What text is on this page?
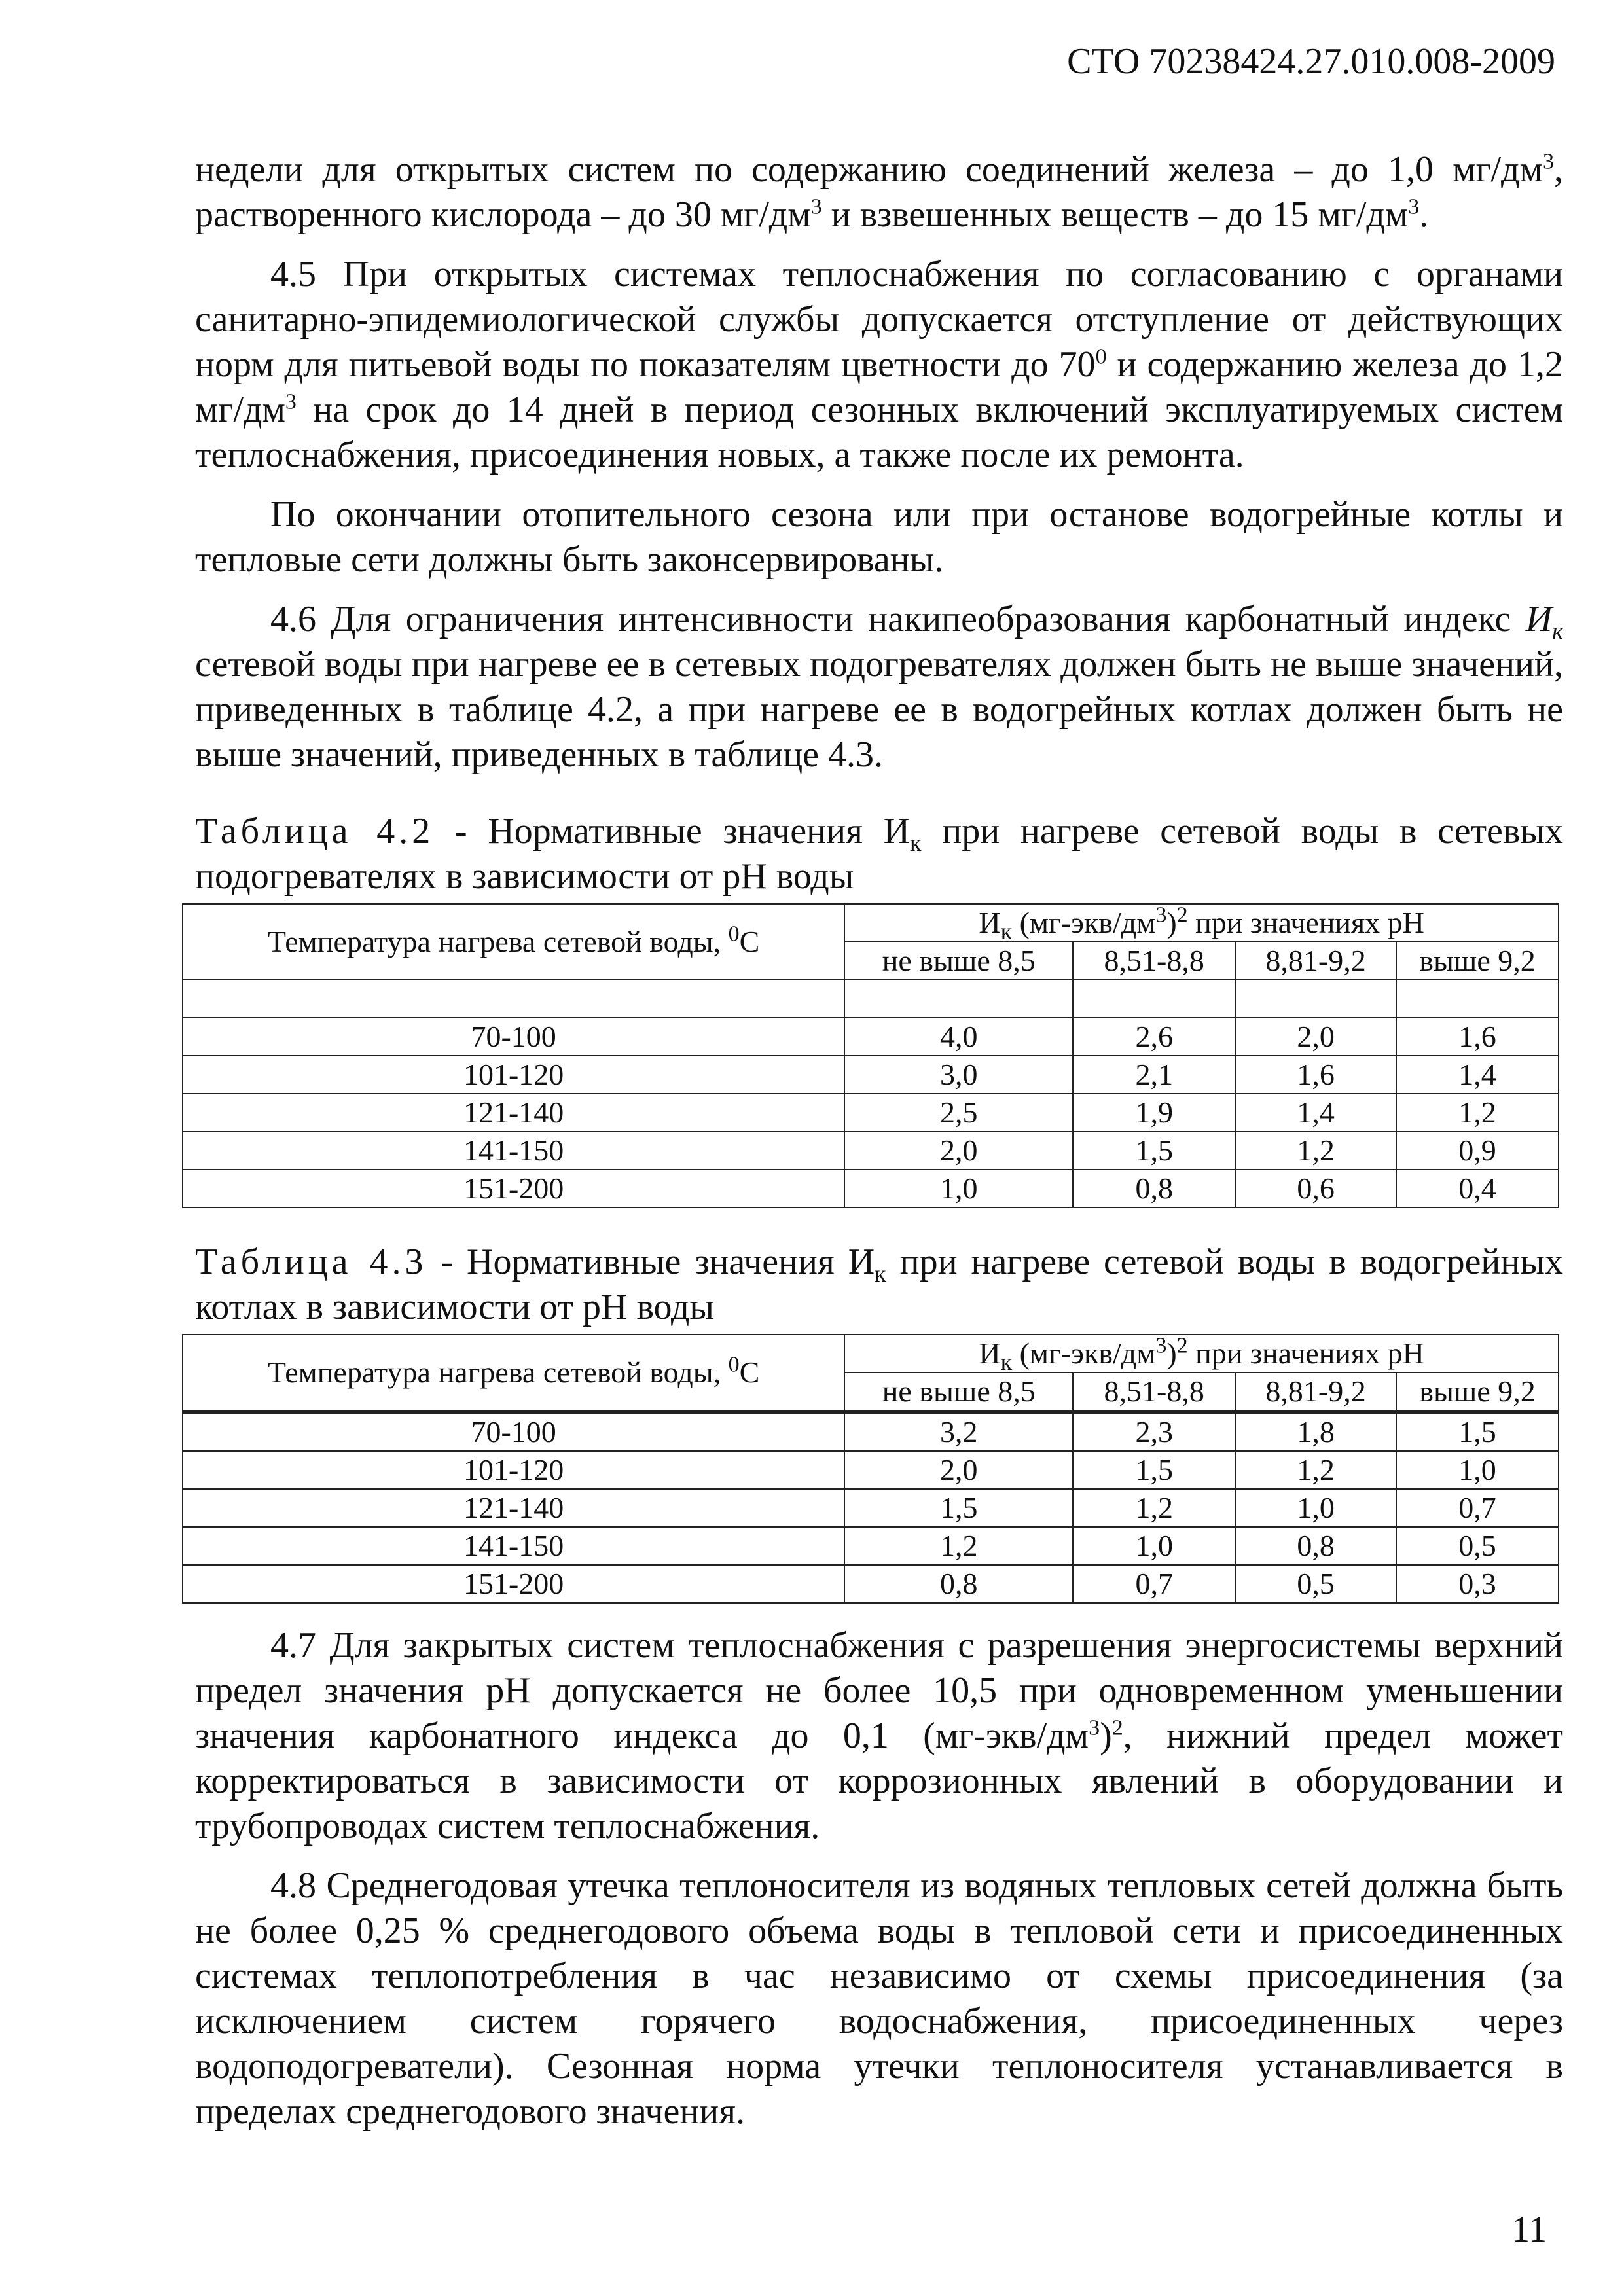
СТО 70238424.27.010.008-2009

недели для открытых систем по содержанию соединений железа – до 1,0 $мг/дм^3$, растворенного кислорода – до 30 $мг/дм^3$ и взвешенных веществ – до 15 $мг/дм^3$.

4.5 При открытых системах теплоснабжения по согласованию с органами санитарно-эпидемиологической службы допускается отступление от действующих норм для питьевой воды по показателям цветности до $70^0$ и содержанию железа до 1,2 $мг/дм^3$ на срок до 14 дней в период сезонных включений эксплуатируемых систем теплоснабжения, присоединения новых, а также после их ремонта.

По окончании отопительного сезона или при останове водогрейные котлы и тепловые сети должны быть законсервированы.

4.6 Для ограничения интенсивности накипеобразования карбонатный индекс $И_к$ сетевой воды при нагреве ее в сетевых подогревателях должен быть не выше значений, приведенных в таблице 4.2, а при нагреве ее в водогрейных котлах должен быть не выше значений, приведенных в таблице 4.3.

Таблица 4.2 - Нормативные значения $И_к$ при нагреве сетевой воды в сетевых подогревателях в зависимости от рН воды

Температура нагрева сетевой воды, $^0$С	$И_к$ $(мг-экв/дм^3)^2$ при значениях рН			
	не выше 8,5	8,51-8,8	8,81-9,2	выше 9,2

70-100	4,0	2,6	2,0	1,6
101-120	3,0	2,1	1,6	1,4
121-140	2,5	1,9	1,4	1,2
141-150	2,0	1,5	1,2	0,9
151-200	1,0	0,8	0,6	0,4

Таблица 4.3 - Нормативные значения $И_к$ при нагреве сетевой воды в водогрейных котлах в зависимости от рН воды

Температура нагрева сетевой воды, $^0$С	$И_к$ $(мг-экв/дм^3)^2$ при значениях рН			
	не выше 8,5	8,51-8,8	8,81-9,2	выше 9,2
70-100	3,2	2,3	1,8	1,5
101-120	2,0	1,5	1,2	1,0
121-140	1,5	1,2	1,0	0,7
141-150	1,2	1,0	0,8	0,5
151-200	0,8	0,7	0,5	0,3

4.7 Для закрытых систем теплоснабжения с разрешения энергосистемы верхний предел значения рН допускается не более 10,5 при одновременном уменьшении значения карбонатного индекса до 0,1 $(мг-экв/дм^3)^2$, нижний предел может корректироваться в зависимости от коррозионных явлений в оборудовании и трубопроводах систем теплоснабжения.

4.8 Среднегодовая утечка теплоносителя из водяных тепловых сетей должна быть не более 0,25 % среднегодового объема воды в тепловой сети и присоединенных системах теплопотребления в час независимо от схемы присоединения (за исключением систем горячего водоснабжения, присоединенных через водоподогреватели). Сезонная норма утечки теплоносителя устанавливается в пределах среднегодового значения.

11
